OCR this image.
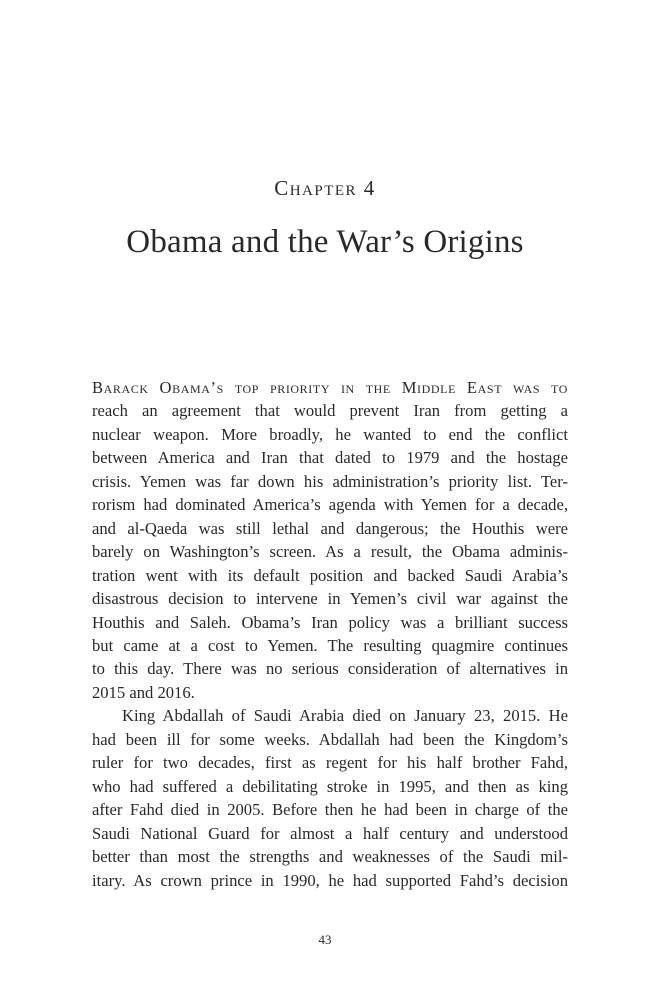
Chapter 4
Obama and the War’s Origins
Barack Obama’s top priority in the Middle East was to
reach an agreement that would prevent Iran from getting a
nuclear weapon. More broadly, he wanted to end the conflict
between America and Iran that dated to 1979 and the hostage
crisis. Yemen was far down his administration’s priority list. Ter-
rorism had dominated America’s agenda with Yemen for a decade,
and al-Qaeda was still lethal and dangerous; the Houthis were
barely on Washington’s screen. As a result, the Obama adminis-
tration went with its default position and backed Saudi Arabia’s
disastrous decision to intervene in Yemen’s civil war against the
Houthis and Saleh. Obama’s Iran policy was a brilliant success
but came at a cost to Yemen. The resulting quagmire continues
to this day. There was no serious consideration of alternatives in
2015 and 2016.
King Abdallah of Saudi Arabia died on January 23, 2015. He
had been ill for some weeks. Abdallah had been the Kingdom’s
ruler for two decades, first as regent for his half brother Fahd,
who had suffered a debilitating stroke in 1995, and then as king
after Fahd died in 2005. Before then he had been in charge of the
Saudi National Guard for almost a half century and understood
better than most the strengths and weaknesses of the Saudi mil-
itary. As crown prince in 1990, he had supported Fahd’s decision
43
